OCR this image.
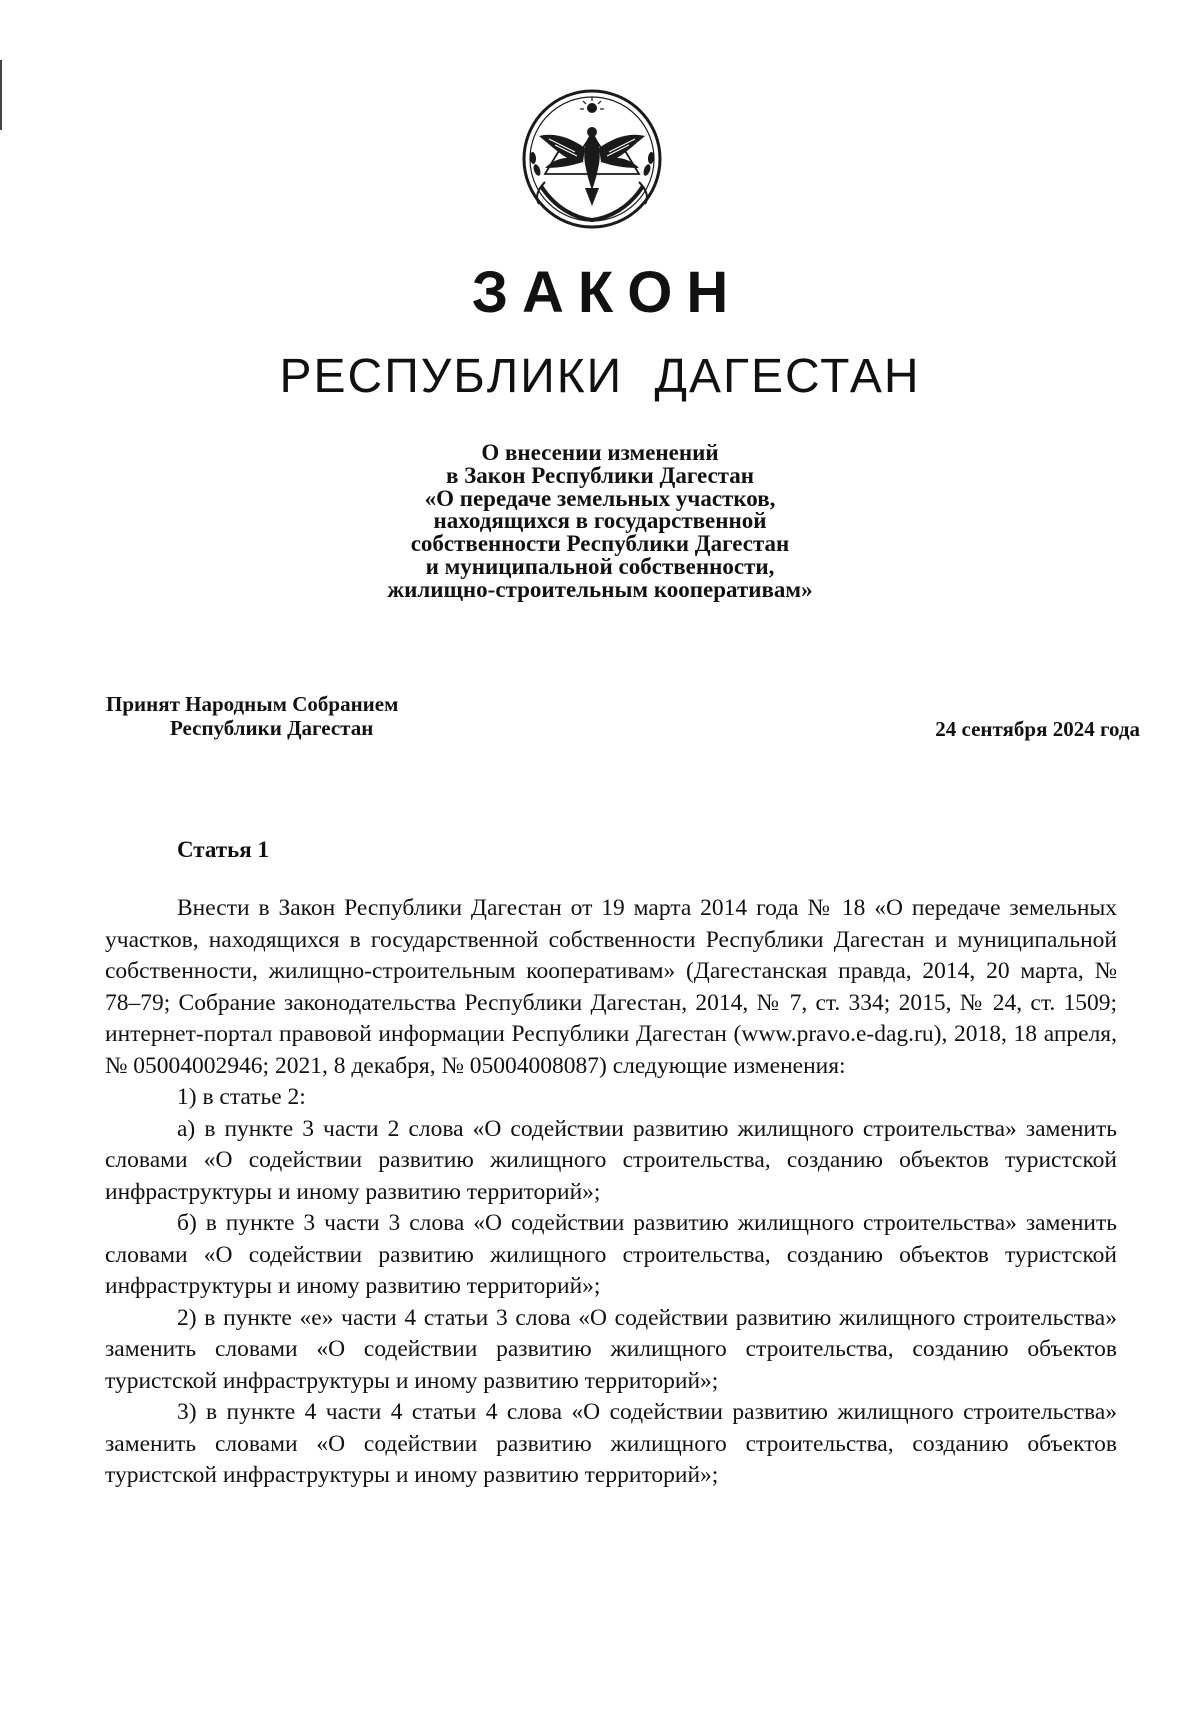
ЗАКОН
РЕСПУБЛИКИ ДАГЕСТАН
О внесении изменений
в Закон Республики Дагестан
«О передаче земельных участков,
находящихся в государственной
собственности Республики Дагестан
и муниципальной собственности,
жилищно-строительным кооперативам»
Принят Народным Собранием
Республики Дагестан	24 сентября 2024 года
Статья 1

Внести в Закон Республики Дагестан от 19 марта 2014 года № 18 «О передаче земельных участков, находящихся в государственной собственности Республики Дагестан и муниципальной собственности, жилищно-строительным кооперативам» (Дагестанская правда, 2014, 20 марта, № 78–79; Собрание законодательства Республики Дагестан, 2014, № 7, ст. 334; 2015, № 24, ст. 1509; интернет-портал правовой информации Республики Дагестан (www.pravo.e-dag.ru), 2018, 18 апреля, № 05004002946; 2021, 8 декабря, № 05004008087) следующие изменения:

1) в статье 2:

а) в пункте 3 части 2 слова «О содействии развитию жилищного строительства» заменить словами «О содействии развитию жилищного строительства, созданию объектов туристской инфраструктуры и иному развитию территорий»;

б) в пункте 3 части 3 слова «О содействии развитию жилищного строительства» заменить словами «О содействии развитию жилищного строительства, созданию объектов туристской инфраструктуры и иному развитию территорий»;

2) в пункте «е» части 4 статьи 3 слова «О содействии развитию жилищного строительства» заменить словами «О содействии развитию жилищного строительства, созданию объектов туристской инфраструктуры и иному развитию территорий»;

3) в пункте 4 части 4 статьи 4 слова «О содействии развитию жилищного строительства» заменить словами «О содействии развитию жилищного строительства, созданию объектов туристской инфраструктуры и иному развитию территорий»;
